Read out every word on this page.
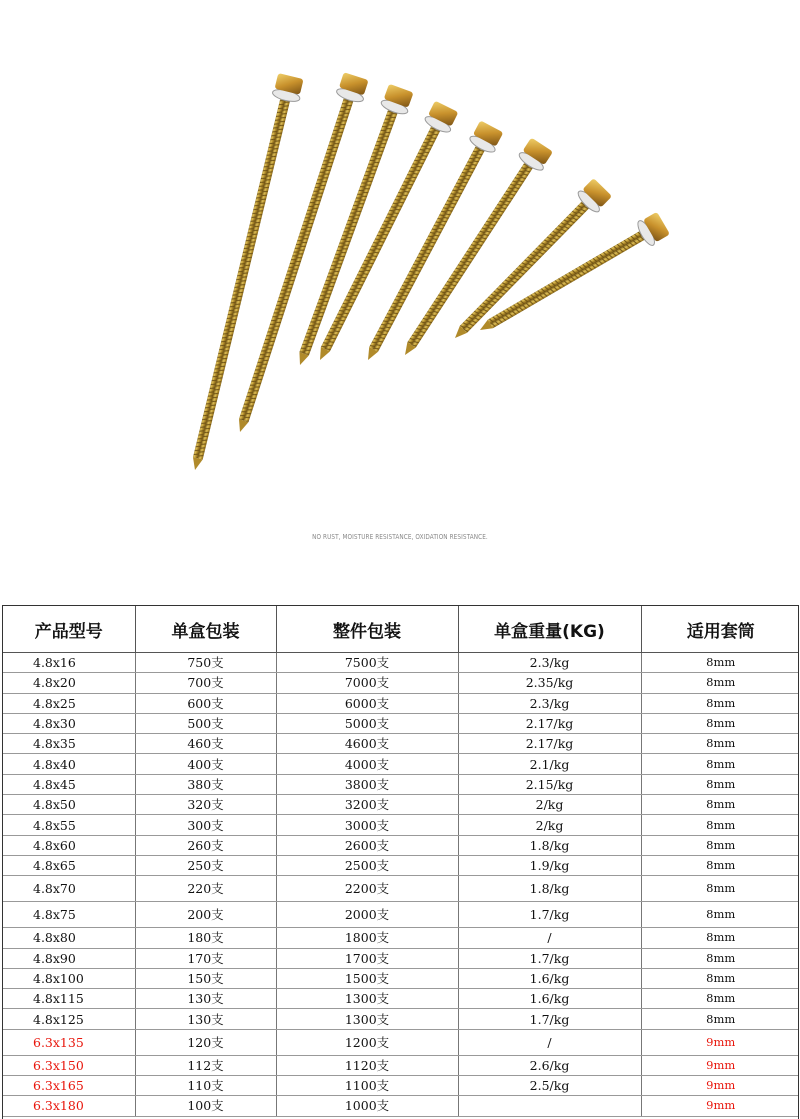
NO RUST, MOISTURE RESISTANCE, OXIDATION RESISTANCE.
产品型号	单盒包装	整件包装	单盒重量(KG)	适用套筒
4.8x16	750支	7500支	2.3/kg	8mm
4.8x20	700支	7000支	2.35/kg	8mm
4.8x25	600支	6000支	2.3/kg	8mm
4.8x30	500支	5000支	2.17/kg	8mm
4.8x35	460支	4600支	2.17/kg	8mm
4.8x40	400支	4000支	2.1/kg	8mm
4.8x45	380支	3800支	2.15/kg	8mm
4.8x50	320支	3200支	2/kg	8mm
4.8x55	300支	3000支	2/kg	8mm
4.8x60	260支	2600支	1.8/kg	8mm
4.8x65	250支	2500支	1.9/kg	8mm
4.8x70	220支	2200支	1.8/kg	8mm
4.8x75	200支	2000支	1.7/kg	8mm
4.8x80	180支	1800支	/	8mm
4.8x90	170支	1700支	1.7/kg	8mm
4.8x100	150支	1500支	1.6/kg	8mm
4.8x115	130支	1300支	1.6/kg	8mm
4.8x125	130支	1300支	1.7/kg	8mm
6.3x135	120支	1200支	/	9mm
6.3x150	112支	1120支	2.6/kg	9mm
6.3x165	110支	1100支	2.5/kg	9mm
6.3x180	100支	1000支		9mm
